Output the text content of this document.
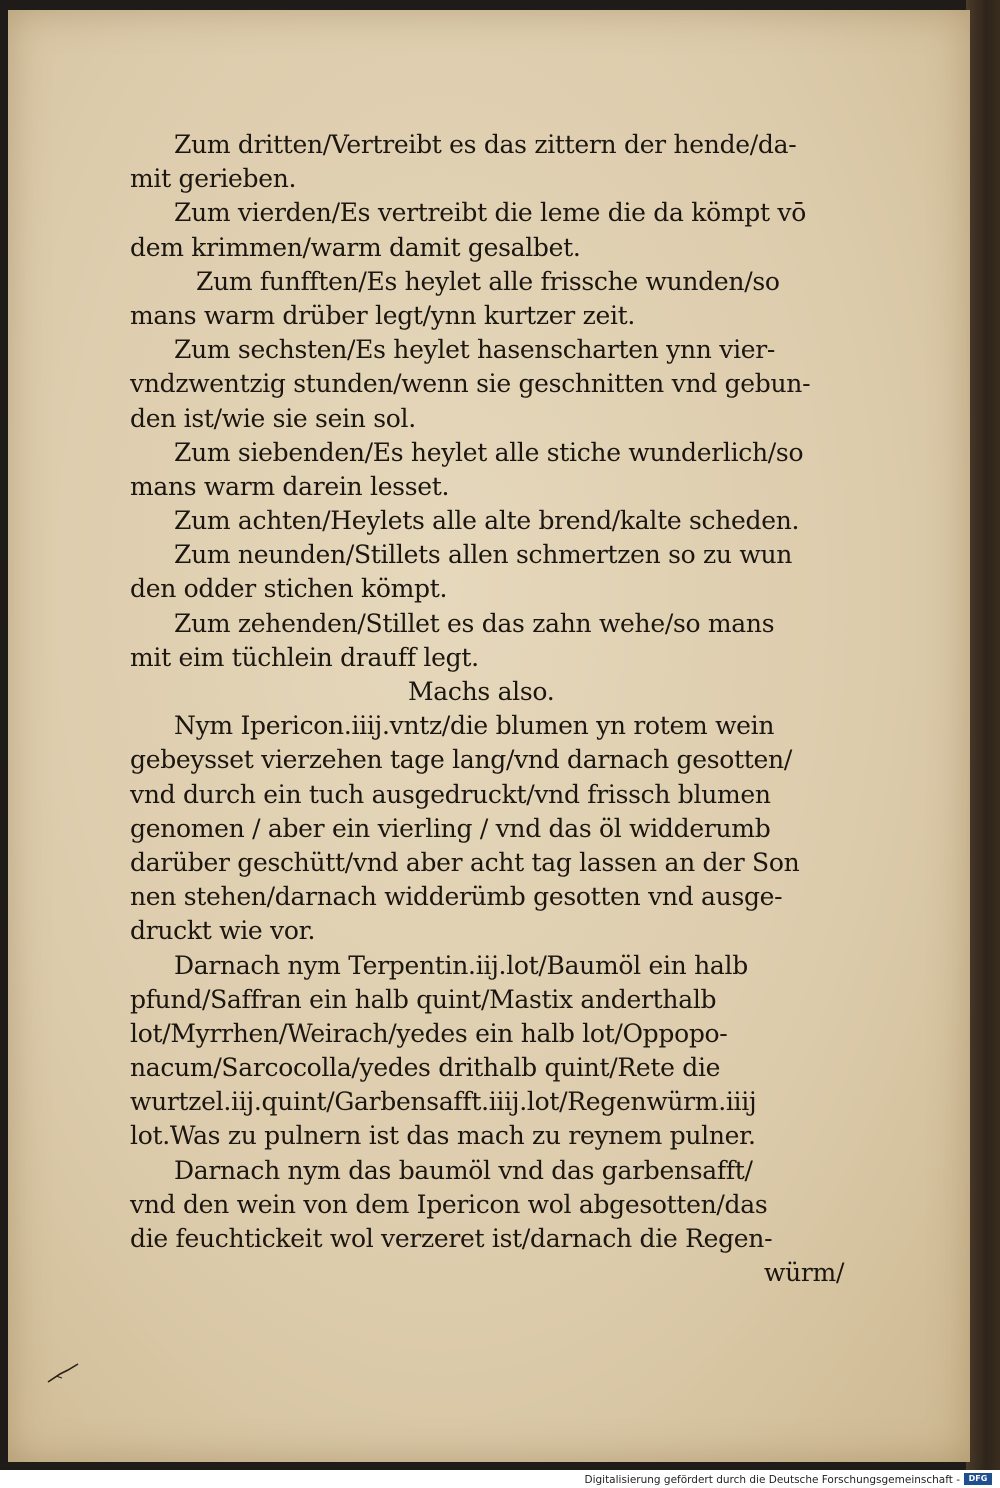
Zum dritten/Vertreibt es das zittern der hende/da-
mit gerieben.
Zum vierden/Es vertreibt die leme die da kömpt vō
dem krimmen/warm damit gesalbet.
Zum funfften/Es heylet alle frissche wunden/so
mans warm drüber legt/ynn kurtzer zeit.
Zum sechsten/Es heylet hasenscharten ynn vier-
vndzwentzig stunden/wenn sie geschnitten vnd gebun-
den ist/wie sie sein sol.
Zum siebenden/Es heylet alle stiche wunderlich/so
mans warm darein lesset.
Zum achten/Heylets alle alte brend/kalte scheden.
Zum neunden/Stillets allen schmertzen so zu wun
den odder stichen kömpt.
Zum zehenden/Stillet es das zahn wehe/so mans
mit eim tüchlein drauff legt.
Machs also.
Nym Ipericon.iiij.vntz/die blumen yn rotem wein
gebeysset vierzehen tage lang/vnd darnach gesotten/
vnd durch ein tuch ausgedruckt/vnd frissch blumen
genomen / aber ein vierling / vnd das öl widderumb
darüber geschütt/vnd aber acht tag lassen an der Son
nen stehen/darnach widderümb gesotten vnd ausge-
druckt wie vor.
Darnach nym Terpentin.iij.lot/Baumöl ein halb
pfund/Saffran ein halb quint/Mastix anderthalb
lot/Myrrhen/Weirach/yedes ein halb lot/Oppopo-
nacum/Sarcocolla/yedes drithalb quint/Rete die
wurtzel.iij.quint/Garbensafft.iiij.lot/Regenwürm.iiij
lot.Was zu pulnern ist das mach zu reynem pulner.
Darnach nym das baumöl vnd das garbensafft/
vnd den wein von dem Ipericon wol abgesotten/das
die feuchtickeit wol verzeret ist/darnach die Regen-
würm/
Digitalisierung gefördert durch die Deutsche Forschungsgemeinschaft -	DFG
